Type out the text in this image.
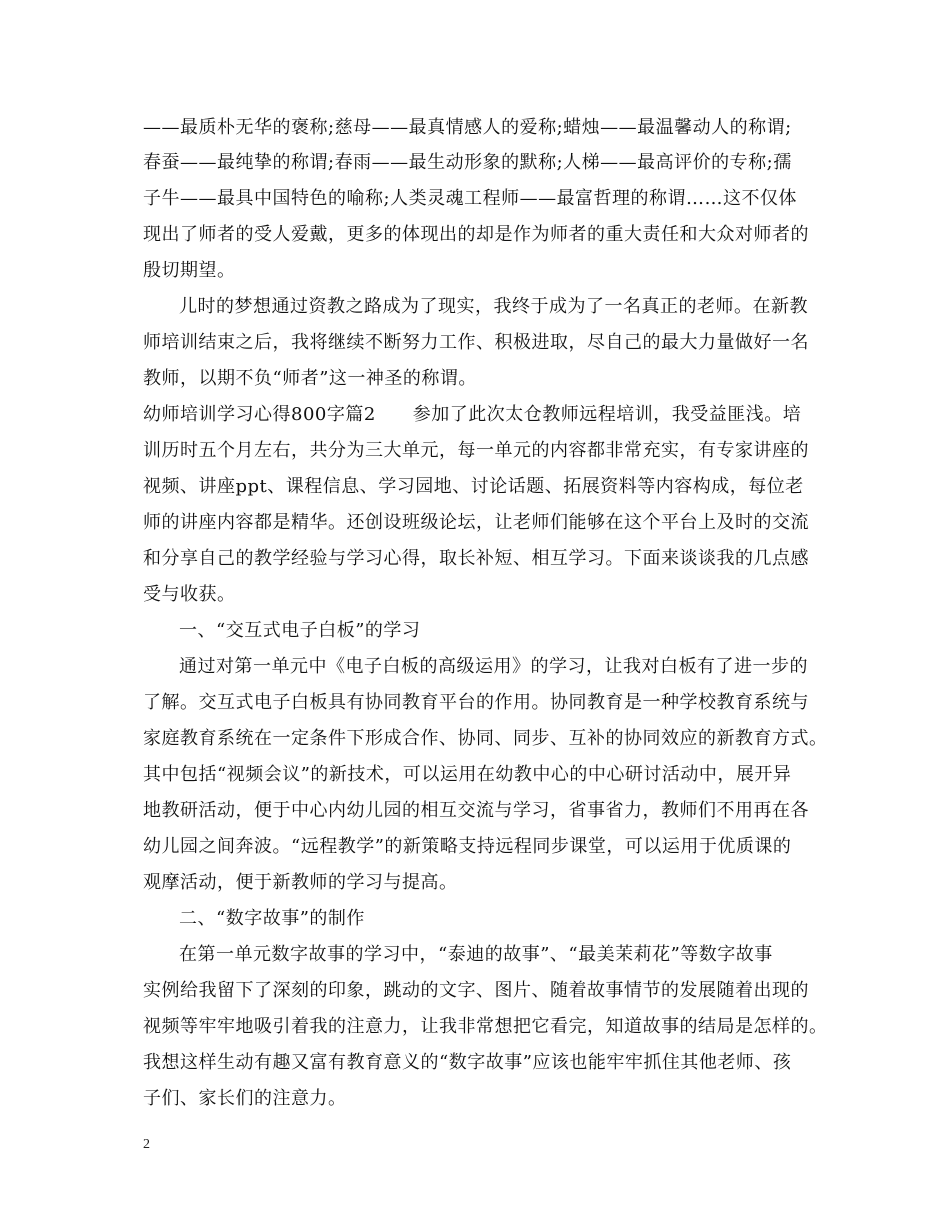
——最质朴无华的褒称;慈母——最真情感人的爱称;蜡烛——最温馨动人的称谓;
春蚕——最纯挚的称谓;春雨——最生动形象的默称;人梯——最高评价的专称;孺
子牛——最具中国特色的喻称;人类灵魂工程师——最富哲理的称谓……这不仅体
现出了师者的受人爱戴，更多的体现出的却是作为师者的重大责任和大众对师者的
殷切期望。
儿时的梦想通过资教之路成为了现实，我终于成为了一名真正的老师。在新教
师培训结束之后，我将继续不断努力工作、积极进取，尽自己的最大力量做好一名
教师，以期不负“师者”这一神圣的称谓。
幼师培训学习心得800字篇2　　参加了此次太仓教师远程培训，我受益匪浅。培
训历时五个月左右，共分为三大单元，每一单元的内容都非常充实，有专家讲座的
视频、讲座ppt、课程信息、学习园地、讨论话题、拓展资料等内容构成，每位老
师的讲座内容都是精华。还创设班级论坛，让老师们能够在这个平台上及时的交流
和分享自己的教学经验与学习心得，取长补短、相互学习。下面来谈谈我的几点感
受与收获。
一、“交互式电子白板”的学习
通过对第一单元中《电子白板的高级运用》的学习，让我对白板有了进一步的
了解。交互式电子白板具有协同教育平台的作用。协同教育是一种学校教育系统与
家庭教育系统在一定条件下形成合作、协同、同步、互补的协同效应的新教育方式。
其中包括“视频会议”的新技术，可以运用在幼教中心的中心研讨活动中，展开异
地教研活动，便于中心内幼儿园的相互交流与学习，省事省力，教师们不用再在各
幼儿园之间奔波。“远程教学”的新策略支持远程同步课堂，可以运用于优质课的
观摩活动，便于新教师的学习与提高。
二、“数字故事”的制作
在第一单元数字故事的学习中，“泰迪的故事”、“最美茉莉花”等数字故事
实例给我留下了深刻的印象，跳动的文字、图片、随着故事情节的发展随着出现的
视频等牢牢地吸引着我的注意力，让我非常想把它看完，知道故事的结局是怎样的。
我想这样生动有趣又富有教育意义的“数字故事”应该也能牢牢抓住其他老师、孩
子们、家长们的注意力。
2
